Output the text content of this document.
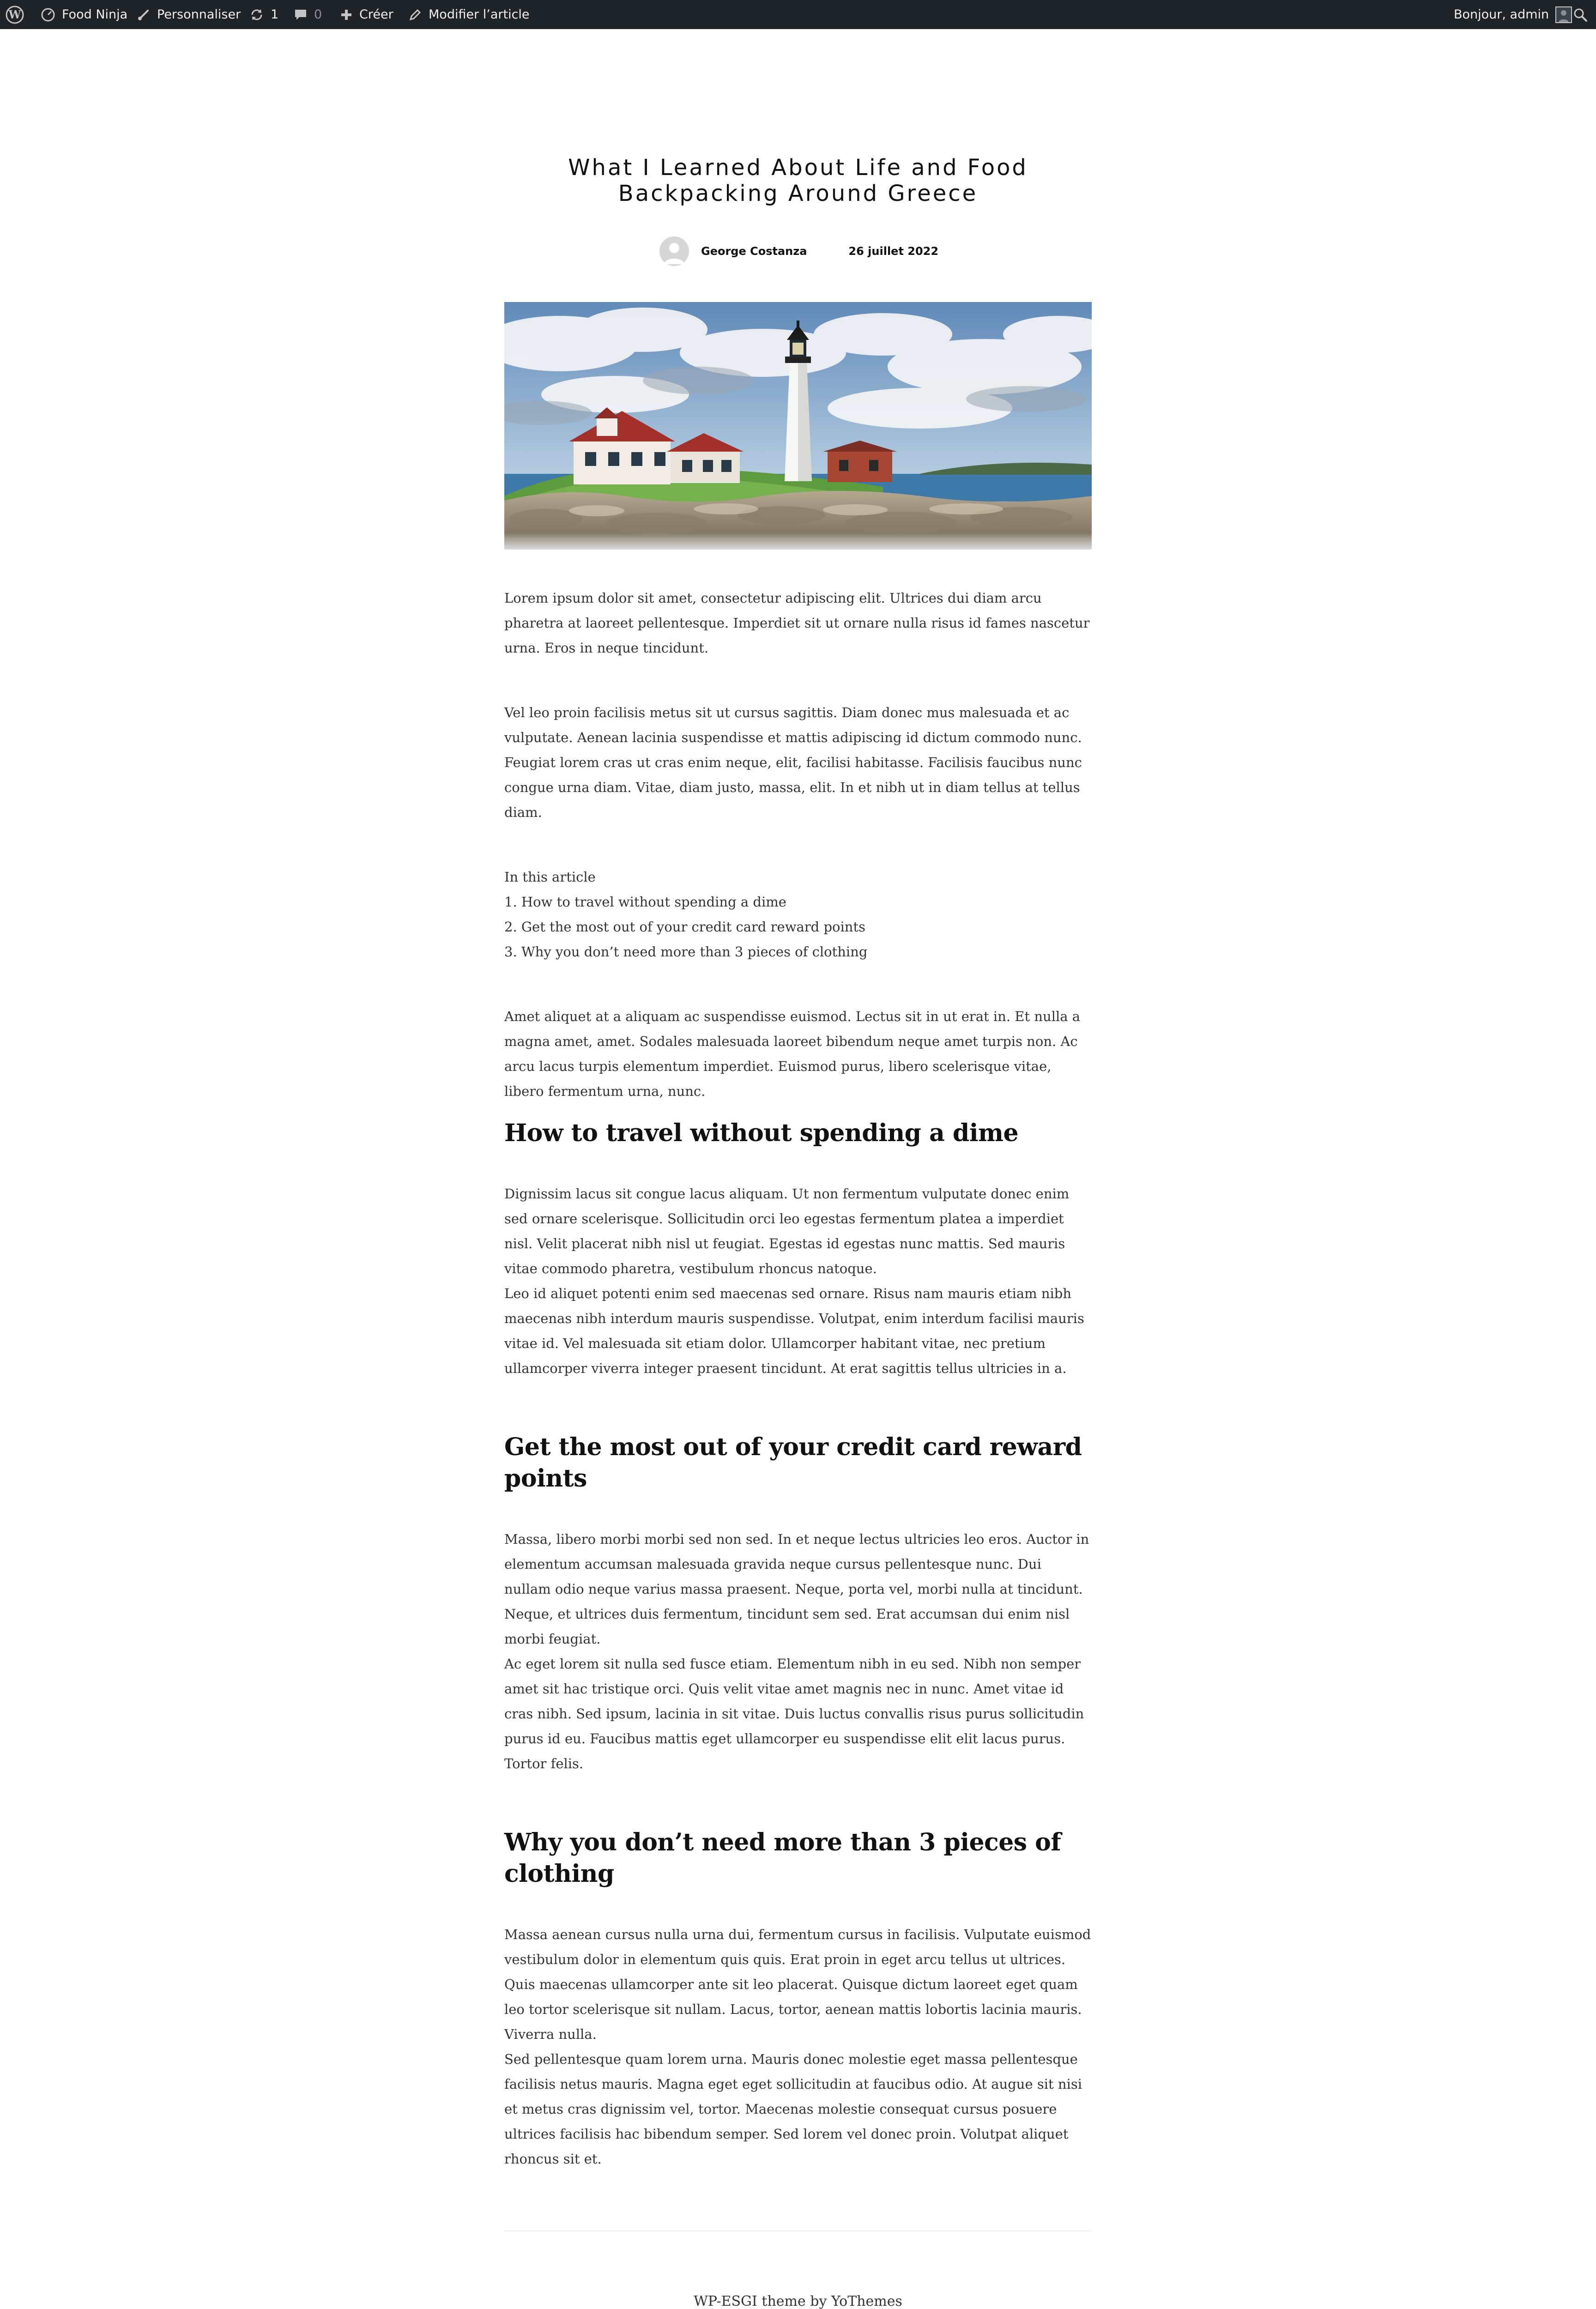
W	Food Ninja Personnaliser 1	0	Créer	Modifier l’article	Bonjour, admin
What I Learned About Life and Food
Backpacking Around Greece
George Costanza	26 juillet 2022

Lorem ipsum dolor sit amet, consectetur adipiscing elit. Ultrices dui diam arcu pharetra at laoreet pellentesque. Imperdiet sit ut ornare nulla risus id fames nascetur urna. Eros in neque tincidunt.

Vel leo proin facilisis metus sit ut cursus sagittis. Diam donec mus malesuada et ac vulputate. Aenean lacinia suspendisse et mattis adipiscing id dictum commodo nunc. Feugiat lorem cras ut cras enim neque, elit, facilisi habitasse. Facilisis faucibus nunc congue urna diam. Vitae, diam justo, massa, elit. In et nibh ut in diam tellus at tellus diam.

In this article
1. How to travel without spending a dime
2. Get the most out of your credit card reward points
3. Why you don’t need more than 3 pieces of clothing

Amet aliquet at a aliquam ac suspendisse euismod. Lectus sit in ut erat in. Et nulla a magna amet, amet. Sodales malesuada laoreet bibendum neque amet turpis non. Ac arcu lacus turpis elementum imperdiet. Euismod purus, libero scelerisque vitae, libero fermentum urna, nunc.

How to travel without spending a dime

Dignissim lacus sit congue lacus aliquam. Ut non fermentum vulputate donec enim sed ornare scelerisque. Sollicitudin orci leo egestas fermentum platea a imperdiet nisl. Velit placerat nibh nisl ut feugiat. Egestas id egestas nunc mattis. Sed mauris vitae commodo pharetra, vestibulum rhoncus natoque.

Leo id aliquet potenti enim sed maecenas sed ornare. Risus nam mauris etiam nibh maecenas nibh interdum mauris suspendisse. Volutpat, enim interdum facilisi mauris vitae id. Vel malesuada sit etiam dolor. Ullamcorper habitant vitae, nec pretium ullamcorper viverra integer praesent tincidunt. At erat sagittis tellus ultricies in a.

Get the most out of your credit card reward points

Massa, libero morbi morbi sed non sed. In et neque lectus ultricies leo eros. Auctor in elementum accumsan malesuada gravida neque cursus pellentesque nunc. Dui nullam odio neque varius massa praesent. Neque, porta vel, morbi nulla at tincidunt. Neque, et ultrices duis fermentum, tincidunt sem sed. Erat accumsan dui enim nisl morbi feugiat.

Ac eget lorem sit nulla sed fusce etiam. Elementum nibh in eu sed. Nibh non semper amet sit hac tristique orci. Quis velit vitae amet magnis nec in nunc. Amet vitae id cras nibh. Sed ipsum, lacinia in sit vitae. Duis luctus convallis risus purus sollicitudin purus id eu. Faucibus mattis eget ullamcorper eu suspendisse elit elit lacus purus. Tortor felis.

Why you don’t need more than 3 pieces of clothing

Massa aenean cursus nulla urna dui, fermentum cursus in facilisis. Vulputate euismod vestibulum dolor in elementum quis quis. Erat proin in eget arcu tellus ut ultrices. Quis maecenas ullamcorper ante sit leo placerat. Quisque dictum laoreet eget quam leo tortor scelerisque sit nullam. Lacus, tortor, aenean mattis lobortis lacinia mauris. Viverra nulla.

Sed pellentesque quam lorem urna. Mauris donec molestie eget massa pellentesque facilisis netus mauris. Magna eget eget sollicitudin at faucibus odio. At augue sit nisi et metus cras dignissim vel, tortor. Maecenas molestie consequat cursus posuere ultrices facilisis hac bibendum semper. Sed lorem vel donec proin. Volutpat aliquet rhoncus sit et.

WP-ESGI theme by YoThemes
